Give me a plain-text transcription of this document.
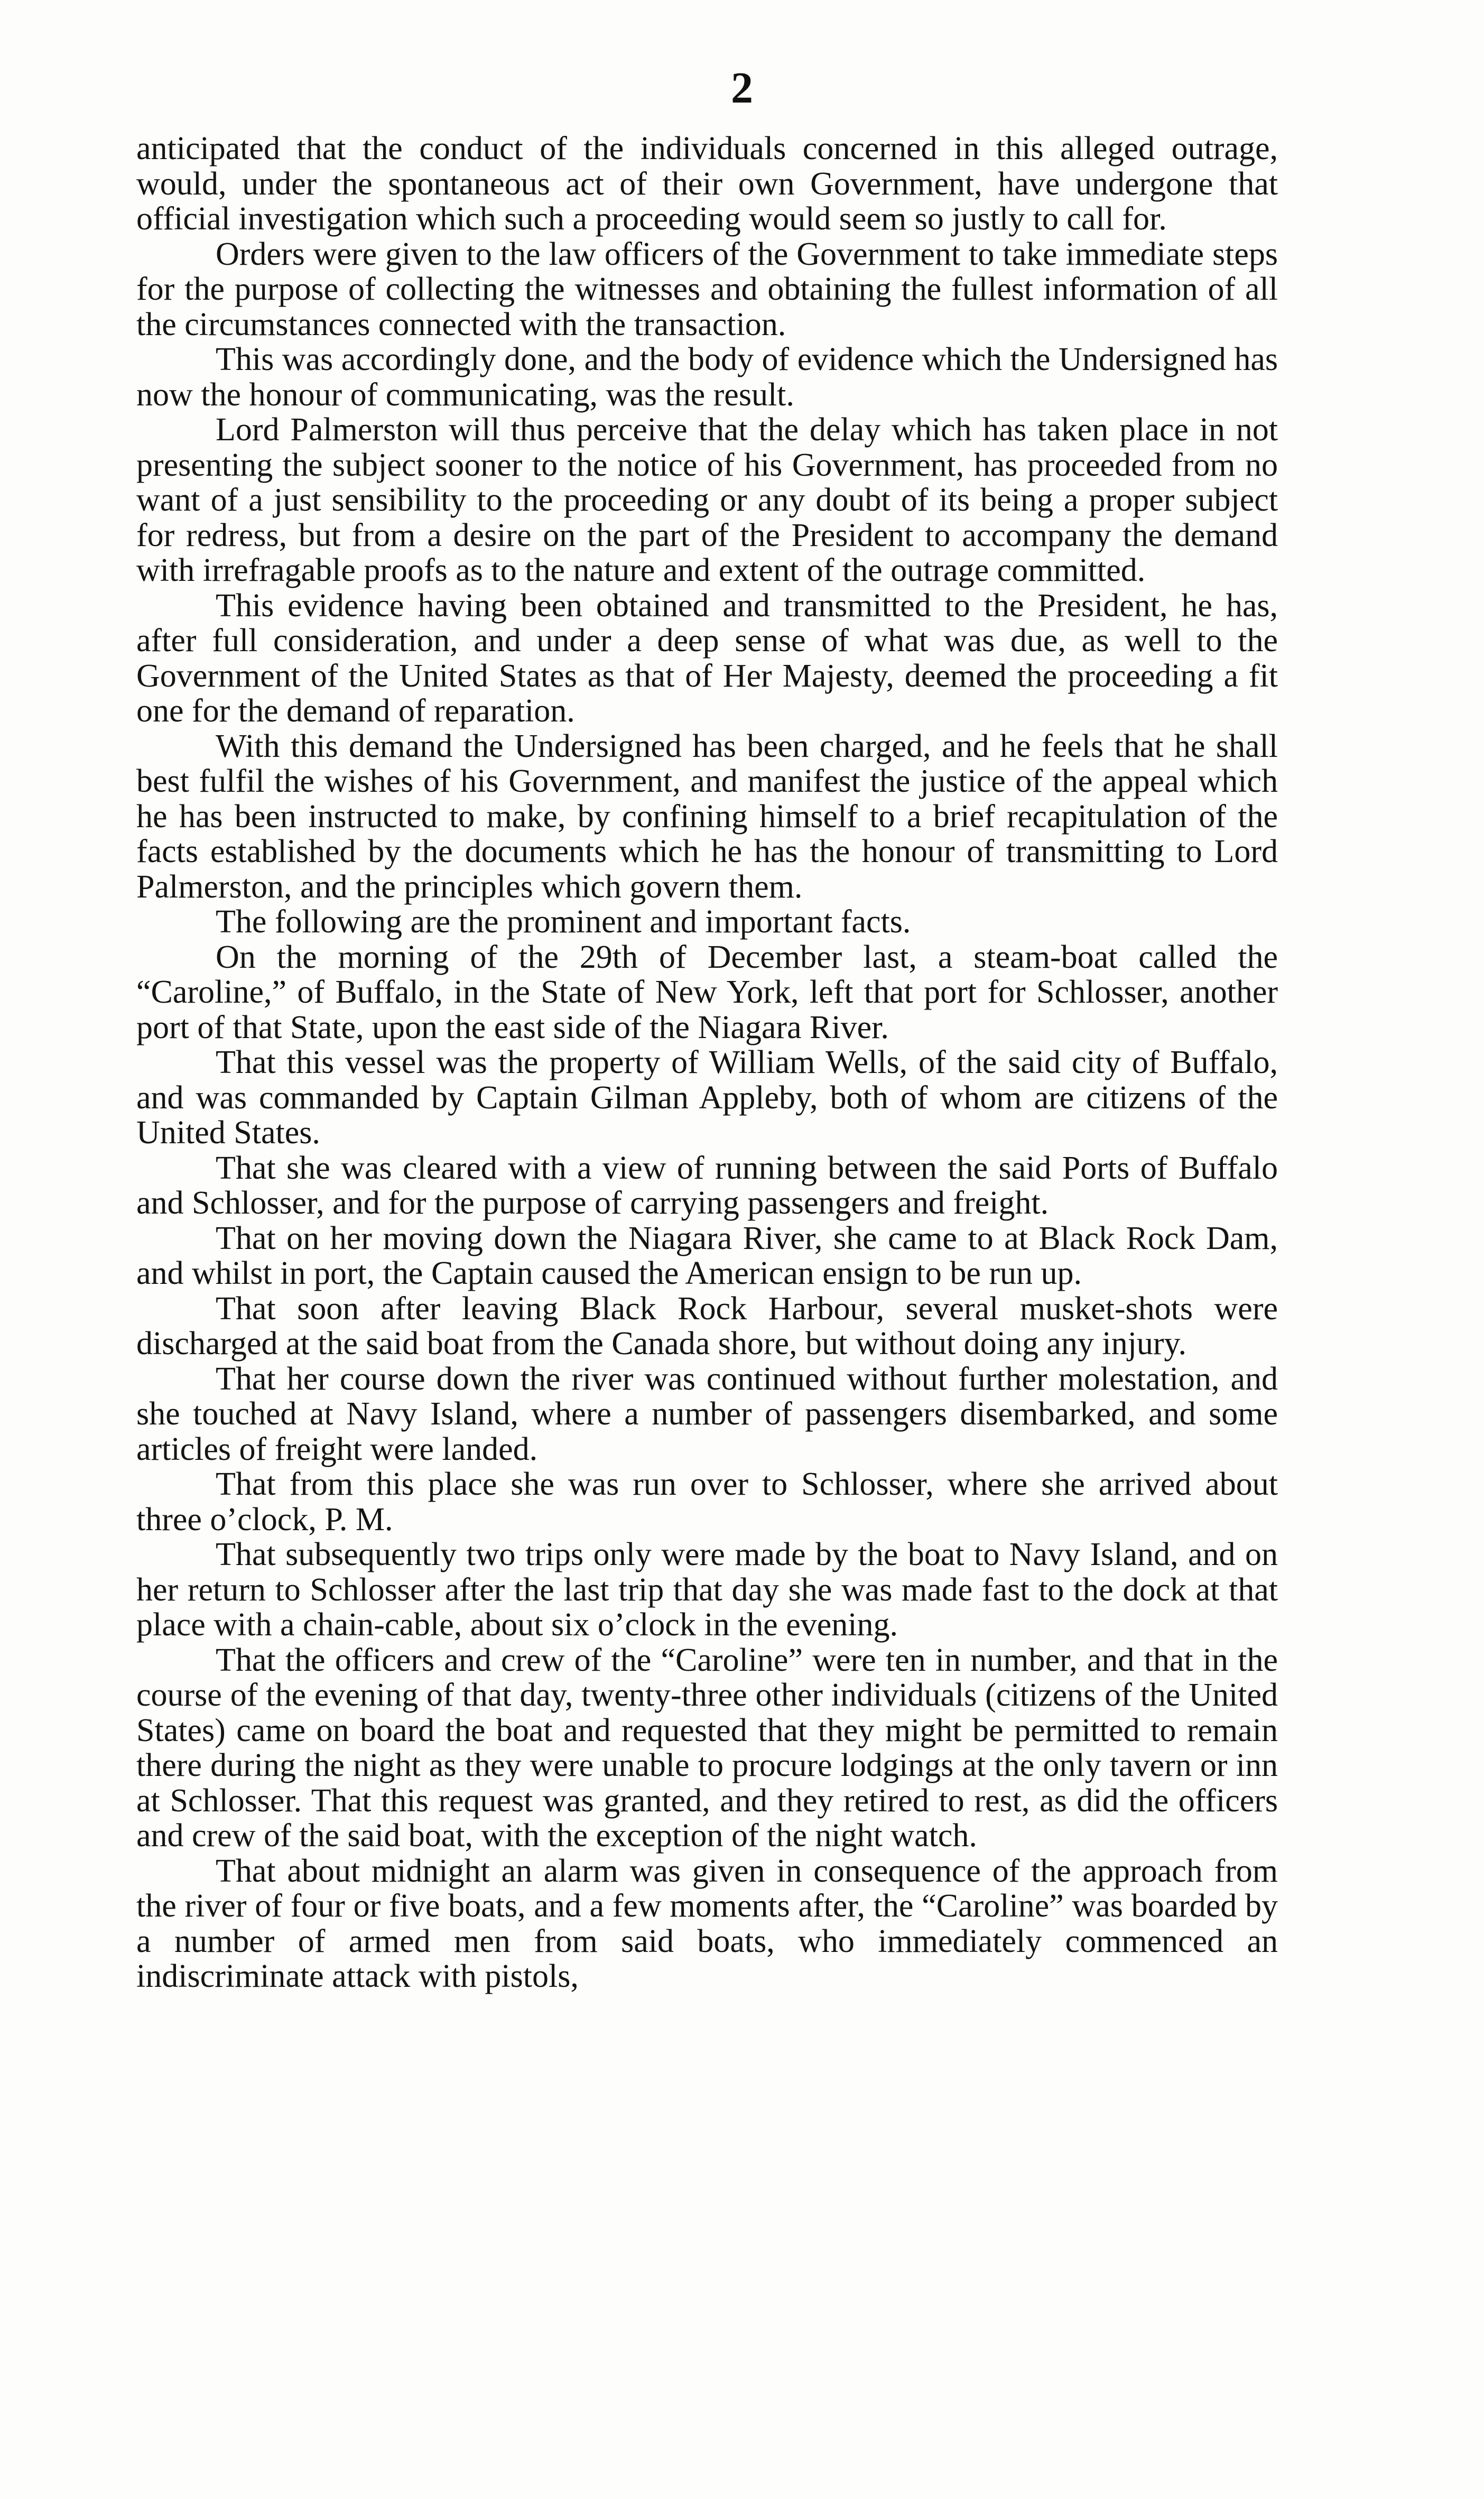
2

anticipated that the conduct of the individuals concerned in this alleged outrage, would, under the spontaneous act of their own Government, have undergone that official investigation which such a proceeding would seem so justly to call for.

Orders were given to the law officers of the Government to take immediate steps for the purpose of collecting the witnesses and obtaining the fullest information of all the circumstances connected with the transaction.

This was accordingly done, and the body of evidence which the Undersigned has now the honour of communicating, was the result.

Lord Palmerston will thus perceive that the delay which has taken place in not presenting the subject sooner to the notice of his Government, has proceeded from no want of a just sensibility to the proceeding or any doubt of its being a proper subject for redress, but from a desire on the part of the President to accompany the demand with irrefragable proofs as to the nature and extent of the outrage committed.

This evidence having been obtained and transmitted to the President, he has, after full consideration, and under a deep sense of what was due, as well to the Government of the United States as that of Her Majesty, deemed the proceeding a fit one for the demand of reparation.

With this demand the Undersigned has been charged, and he feels that he shall best fulfil the wishes of his Government, and manifest the justice of the appeal which he has been instructed to make, by confining himself to a brief recapitulation of the facts established by the documents which he has the honour of transmitting to Lord Palmerston, and the principles which govern them.

The following are the prominent and important facts.

On the morning of the 29th of December last, a steam-boat called the “Caroline,” of Buffalo, in the State of New York, left that port for Schlosser, another port of that State, upon the east side of the Niagara River.

That this vessel was the property of William Wells, of the said city of Buffalo, and was commanded by Captain Gilman Appleby, both of whom are citizens of the United States.

That she was cleared with a view of running between the said Ports of Buffalo and Schlosser, and for the purpose of carrying passengers and freight.

That on her moving down the Niagara River, she came to at Black Rock Dam, and whilst in port, the Captain caused the American ensign to be run up.

That soon after leaving Black Rock Harbour, several musket-shots were discharged at the said boat from the Canada shore, but without doing any injury.

That her course down the river was continued without further molestation, and she touched at Navy Island, where a number of passengers disembarked, and some articles of freight were landed.

That from this place she was run over to Schlosser, where she arrived about three o’clock, P. M.

That subsequently two trips only were made by the boat to Navy Island, and on her return to Schlosser after the last trip that day she was made fast to the dock at that place with a chain-cable, about six o’clock in the evening.

That the officers and crew of the “Caroline” were ten in number, and that in the course of the evening of that day, twenty-three other individuals (citizens of the United States) came on board the boat and requested that they might be permitted to remain there during the night as they were unable to procure lodgings at the only tavern or inn at Schlosser. That this request was granted, and they retired to rest, as did the officers and crew of the said boat, with the exception of the night watch.

That about midnight an alarm was given in consequence of the approach from the river of four or five boats, and a few moments after, the “Caroline” was boarded by a number of armed men from said boats, who immediately commenced an indiscriminate attack with pistols,
